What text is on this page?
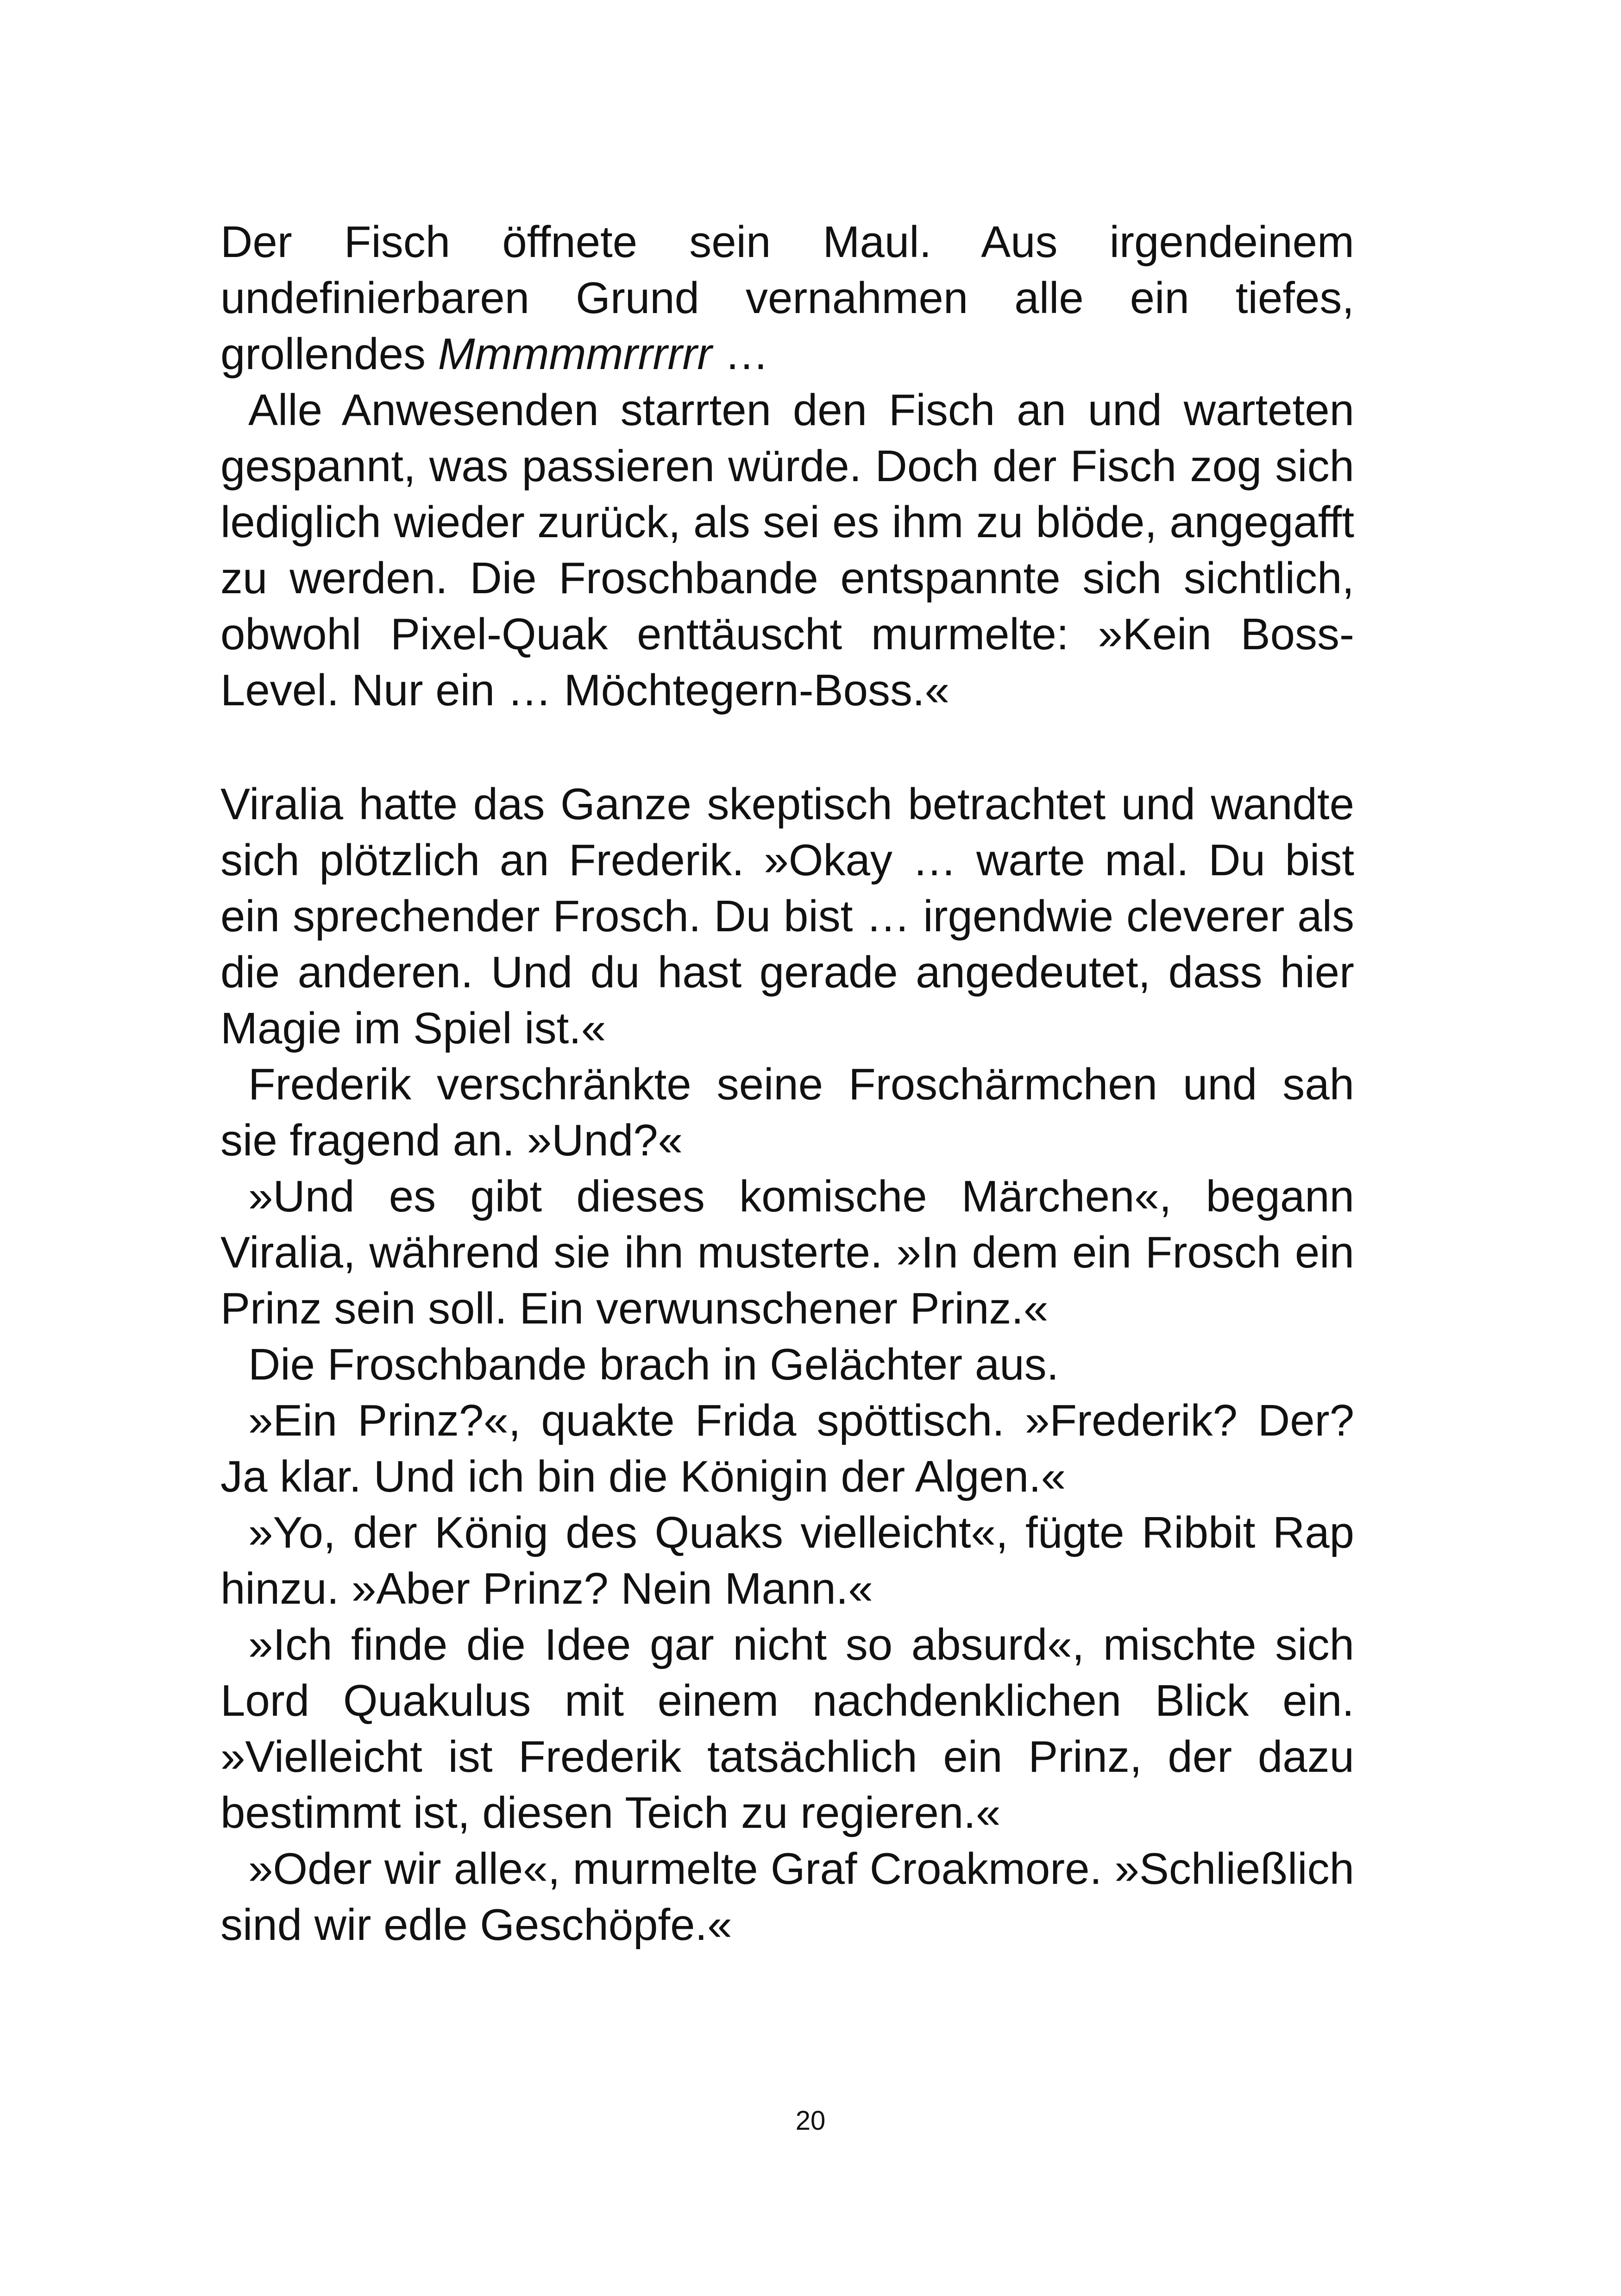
Der Fisch öffnete sein Maul. Aus irgendeinem undefinierbaren Grund vernahmen alle ein tiefes, grollendes Mmmmmrrrrrr …

Alle Anwesenden starrten den Fisch an und warteten gespannt, was passieren würde. Doch der Fisch zog sich lediglich wieder zurück, als sei es ihm zu blöde, angegafft zu werden. Die Froschbande entspannte sich sichtlich, obwohl Pixel-Quak enttäuscht murmelte: »Kein Boss-Level. Nur ein … Möchtegern-Boss.«

Viralia hatte das Ganze skeptisch betrachtet und wandte sich plötzlich an Frederik. »Okay … warte mal. Du bist ein sprechender Frosch. Du bist … irgendwie cleverer als die anderen. Und du hast gerade angedeutet, dass hier Magie im Spiel ist.«

Frederik verschränkte seine Froschärmchen und sah sie fragend an. »Und?«

»Und es gibt dieses komische Märchen«, begann Viralia, während sie ihn musterte. »In dem ein Frosch ein Prinz sein soll. Ein verwunschener Prinz.«

Die Froschbande brach in Gelächter aus.

»Ein Prinz?«, quakte Frida spöttisch. »Frederik? Der? Ja klar. Und ich bin die Königin der Algen.«

»Yo, der König des Quaks vielleicht«, fügte Ribbit Rap hinzu. »Aber Prinz? Nein Mann.«

»Ich finde die Idee gar nicht so absurd«, mischte sich Lord Quakulus mit einem nachdenklichen Blick ein. »Vielleicht ist Frederik tatsächlich ein Prinz, der dazu bestimmt ist, diesen Teich zu regieren.«

»Oder wir alle«, murmelte Graf Croakmore. »Schließlich sind wir edle Geschöpfe.«

20
